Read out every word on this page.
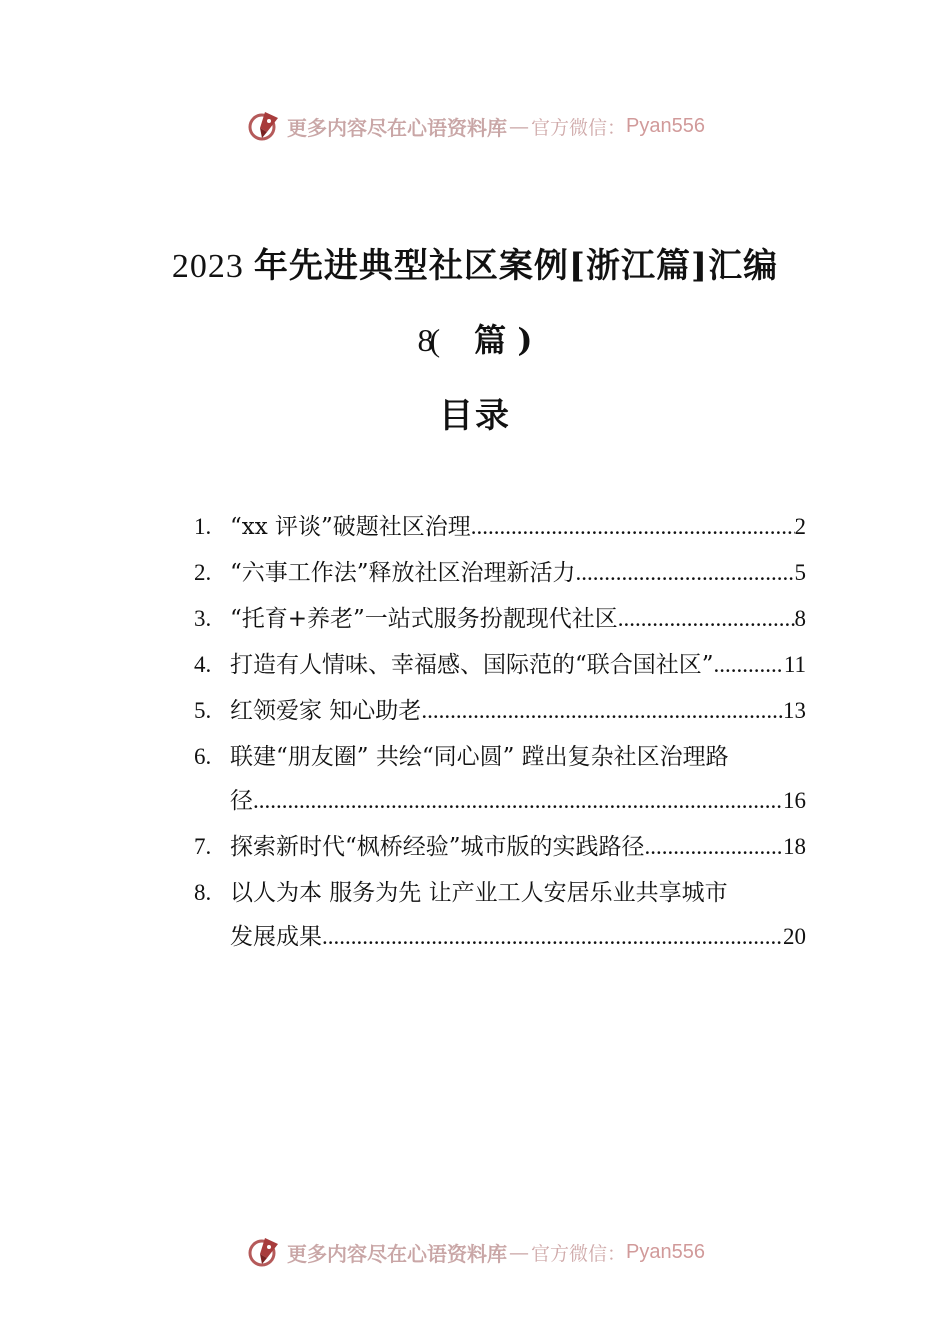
更多内容尽在心语资料库 — 官方微信： Pyan556
2023 年先进典型社区案例[浙江篇]汇编
8( 篇 )
目录
1. “xx 评谈”破题社区治理 .....	2
2. “六事工作法”释放社区治理新活力 .....	5
3. “托育+养老”一站式服务扮靓现代社区 .....	8
4. 打造有人情味、幸福感、国际范的“联合国社区” .....	11
5. 红领爱家 知心助老 .....	13
6. 联建“朋友圈” 共绘“同心圆” 蹚出复杂社区治理路
径 .....	16
7. 探索新时代“枫桥经验”城市版的实践路径 .....	18
8. 以人为本 服务为先 让产业工人安居乐业共享城市
发展成果 .....	20
更多内容尽在心语资料库 — 官方微信： Pyan556
